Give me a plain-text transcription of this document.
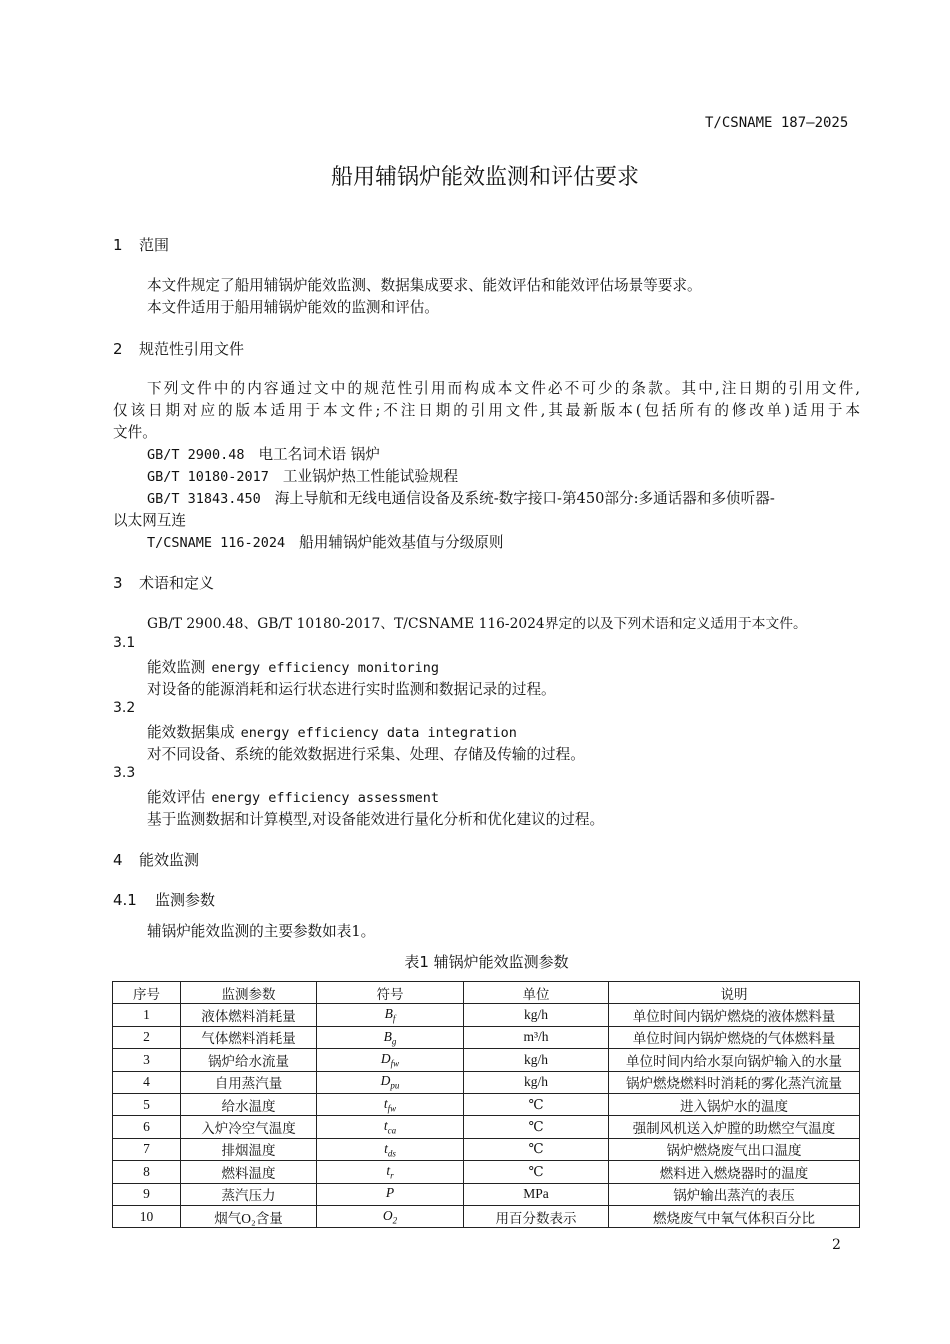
T/CSNAME 187—2025
船用辅锅炉能效监测和评估要求
1 范围
本文件规定了船用辅锅炉能效监测、数据集成要求、能效评估和能效评估场景等要求。
本文件适用于船用辅锅炉能效的监测和评估。
2 规范性引用文件
下列文件中的内容通过文中的规范性引用而构成本文件必不可少的条款。其中,注日期的引用文件,
仅该日期对应的版本适用于本文件;不注日期的引用文件,其最新版本(包括所有的修改单)适用于本
文件。
GB/T 2900.48 电工名词术语 锅炉
GB/T 10180-2017 工业锅炉热工性能试验规程
GB/T 31843.450 海上导航和无线电通信设备及系统-数字接口-第450部分:多通话器和多侦听器-
以太网互连
T/CSNAME 116-2024 船用辅锅炉能效基值与分级原则
3 术语和定义
GB/T 2900.48、GB/T 10180-2017、T/CSNAME 116-2024界定的以及下列术语和定义适用于本文件。
3.1
能效监测 energy efficiency monitoring
对设备的能源消耗和运行状态进行实时监测和数据记录的过程。
3.2
能效数据集成 energy efficiency data integration
对不同设备、系统的能效数据进行采集、处理、存储及传输的过程。
3.3
能效评估 energy efficiency assessment
基于监测数据和计算模型,对设备能效进行量化分析和优化建议的过程。
4 能效监测
4.1 监测参数
辅锅炉能效监测的主要参数如表1。
表1 辅锅炉能效监测参数
序号	监测参数	符号	单位	说明
1	液体燃料消耗量	$B_f$	kg/h	单位时间内锅炉燃烧的液体燃料量
2	气体燃料消耗量	$B_g$	m³/h	单位时间内锅炉燃烧的气体燃料量
3	锅炉给水流量	$D_{fw}$	kg/h	单位时间内给水泵向锅炉输入的水量
4	自用蒸汽量	$D_{pu}$	kg/h	锅炉燃烧燃料时消耗的雾化蒸汽流量
5	给水温度	$t_{fw}$	℃	进入锅炉水的温度
6	入炉冷空气温度	$t_{ca}$	℃	强制风机送入炉膛的助燃空气温度
7	排烟温度	$t_{ds}$	℃	锅炉燃烧废气出口温度
8	燃料温度	$t_r$	℃	燃料进入燃烧器时的温度
9	蒸汽压力	P	MPa	锅炉输出蒸汽的表压
10	烟气O₂含量	$O_2$	用百分数表示	燃烧废气中氧气体积百分比
2
